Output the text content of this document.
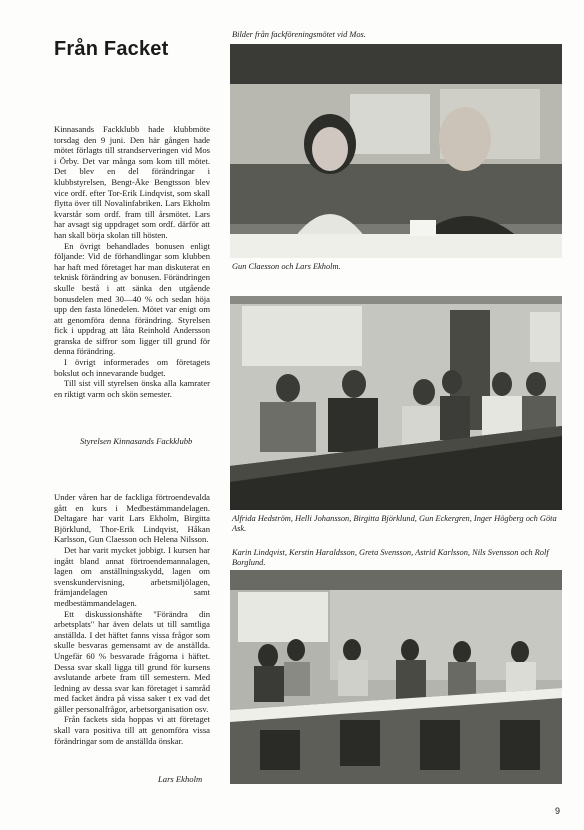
Bilder från fackföreningsmötet vid Mos.
Från Facket

Kinnasands Fackklubb hade klubbmöte torsdag den 9 juni. Den här gången hade mötet förlagts till strandserveringen vid Mos i Örby. Det var många som kom till mötet. Det blev en del förändringar i klubbstyrelsen, Bengt-Åke Bengtsson blev vice ordf. efter Tor-Erik Lindqvist, som skall flytta över till Novalinfabriken. Lars Ekholm kvarstår som ordf. fram till årsmötet. Lars har avsagt sig uppdraget som ordf. därför att han skall börja skolan till hösten.

En övrigt behandlades bonusen enligt följande: Vid de förhandlingar som klubben har haft med företaget har man diskuterat en teknisk förändring av bonusen. Förändringen skulle bestå i att sänka den utgående bonusdelen med 30—40 % och sedan höja upp den fasta lönedelen. Mötet var enigt om att genomföra denna förändring. Styrelsen fick i uppdrag att låta Reinhold Andersson granska de siffror som ligger till grund för denna förändring.

I övrigt informerades om företagets bokslut och innevarande budget.

Till sist vill styrelsen önska alla kamrater en riktigt varm och skön semester.

Styrelsen Kinnasands Fackklubb

Under våren har de fackliga förtroendevalda gått en kurs i Medbestämmandelagen. Deltagare har varit Lars Ekholm, Birgitta Björklund, Thor-Erik Lindqvist, Håkan Karlsson, Gun Claesson och Helena Nilsson.

Det har varit mycket jobbigt. I kursen har ingått bland annat förtroendemannalagen, lagen om anställningsskydd, lagen om svenskundervisning, arbetsmiljölagen, främjandelagen samt medbestämmandelagen.

Ett diskussionshäfte "Förändra din arbetsplats" har även delats ut till samtliga anställda. I det häftet fanns vissa frågor som skulle besvaras gemensamt av de anställda. Ungefär 60 % besvarade frågorna i häftet. Dessa svar skall ligga till grund för kursens avslutande arbete fram till semestern. Med ledning av dessa svar kan företaget i samråd med facket ändra på vissa saker t ex vad det gäller personalfrågor, arbetsorganisation osv.

Från fackets sida hoppas vi att företaget skall vara positiva till att genomföra vissa förändringar som de anställda önskar.

Lars Ekholm
Gun Claesson och Lars Ekholm.
Alfrida Hedström, Helli Johansson, Birgitta Björklund, Gun Eckergren, Inger Högberg och Göta Ask.
Karin Lindqvist, Kerstin Haraldsson, Greta Svensson, Astrid Karlsson, Nils Svensson och Rolf Borglund.
9
